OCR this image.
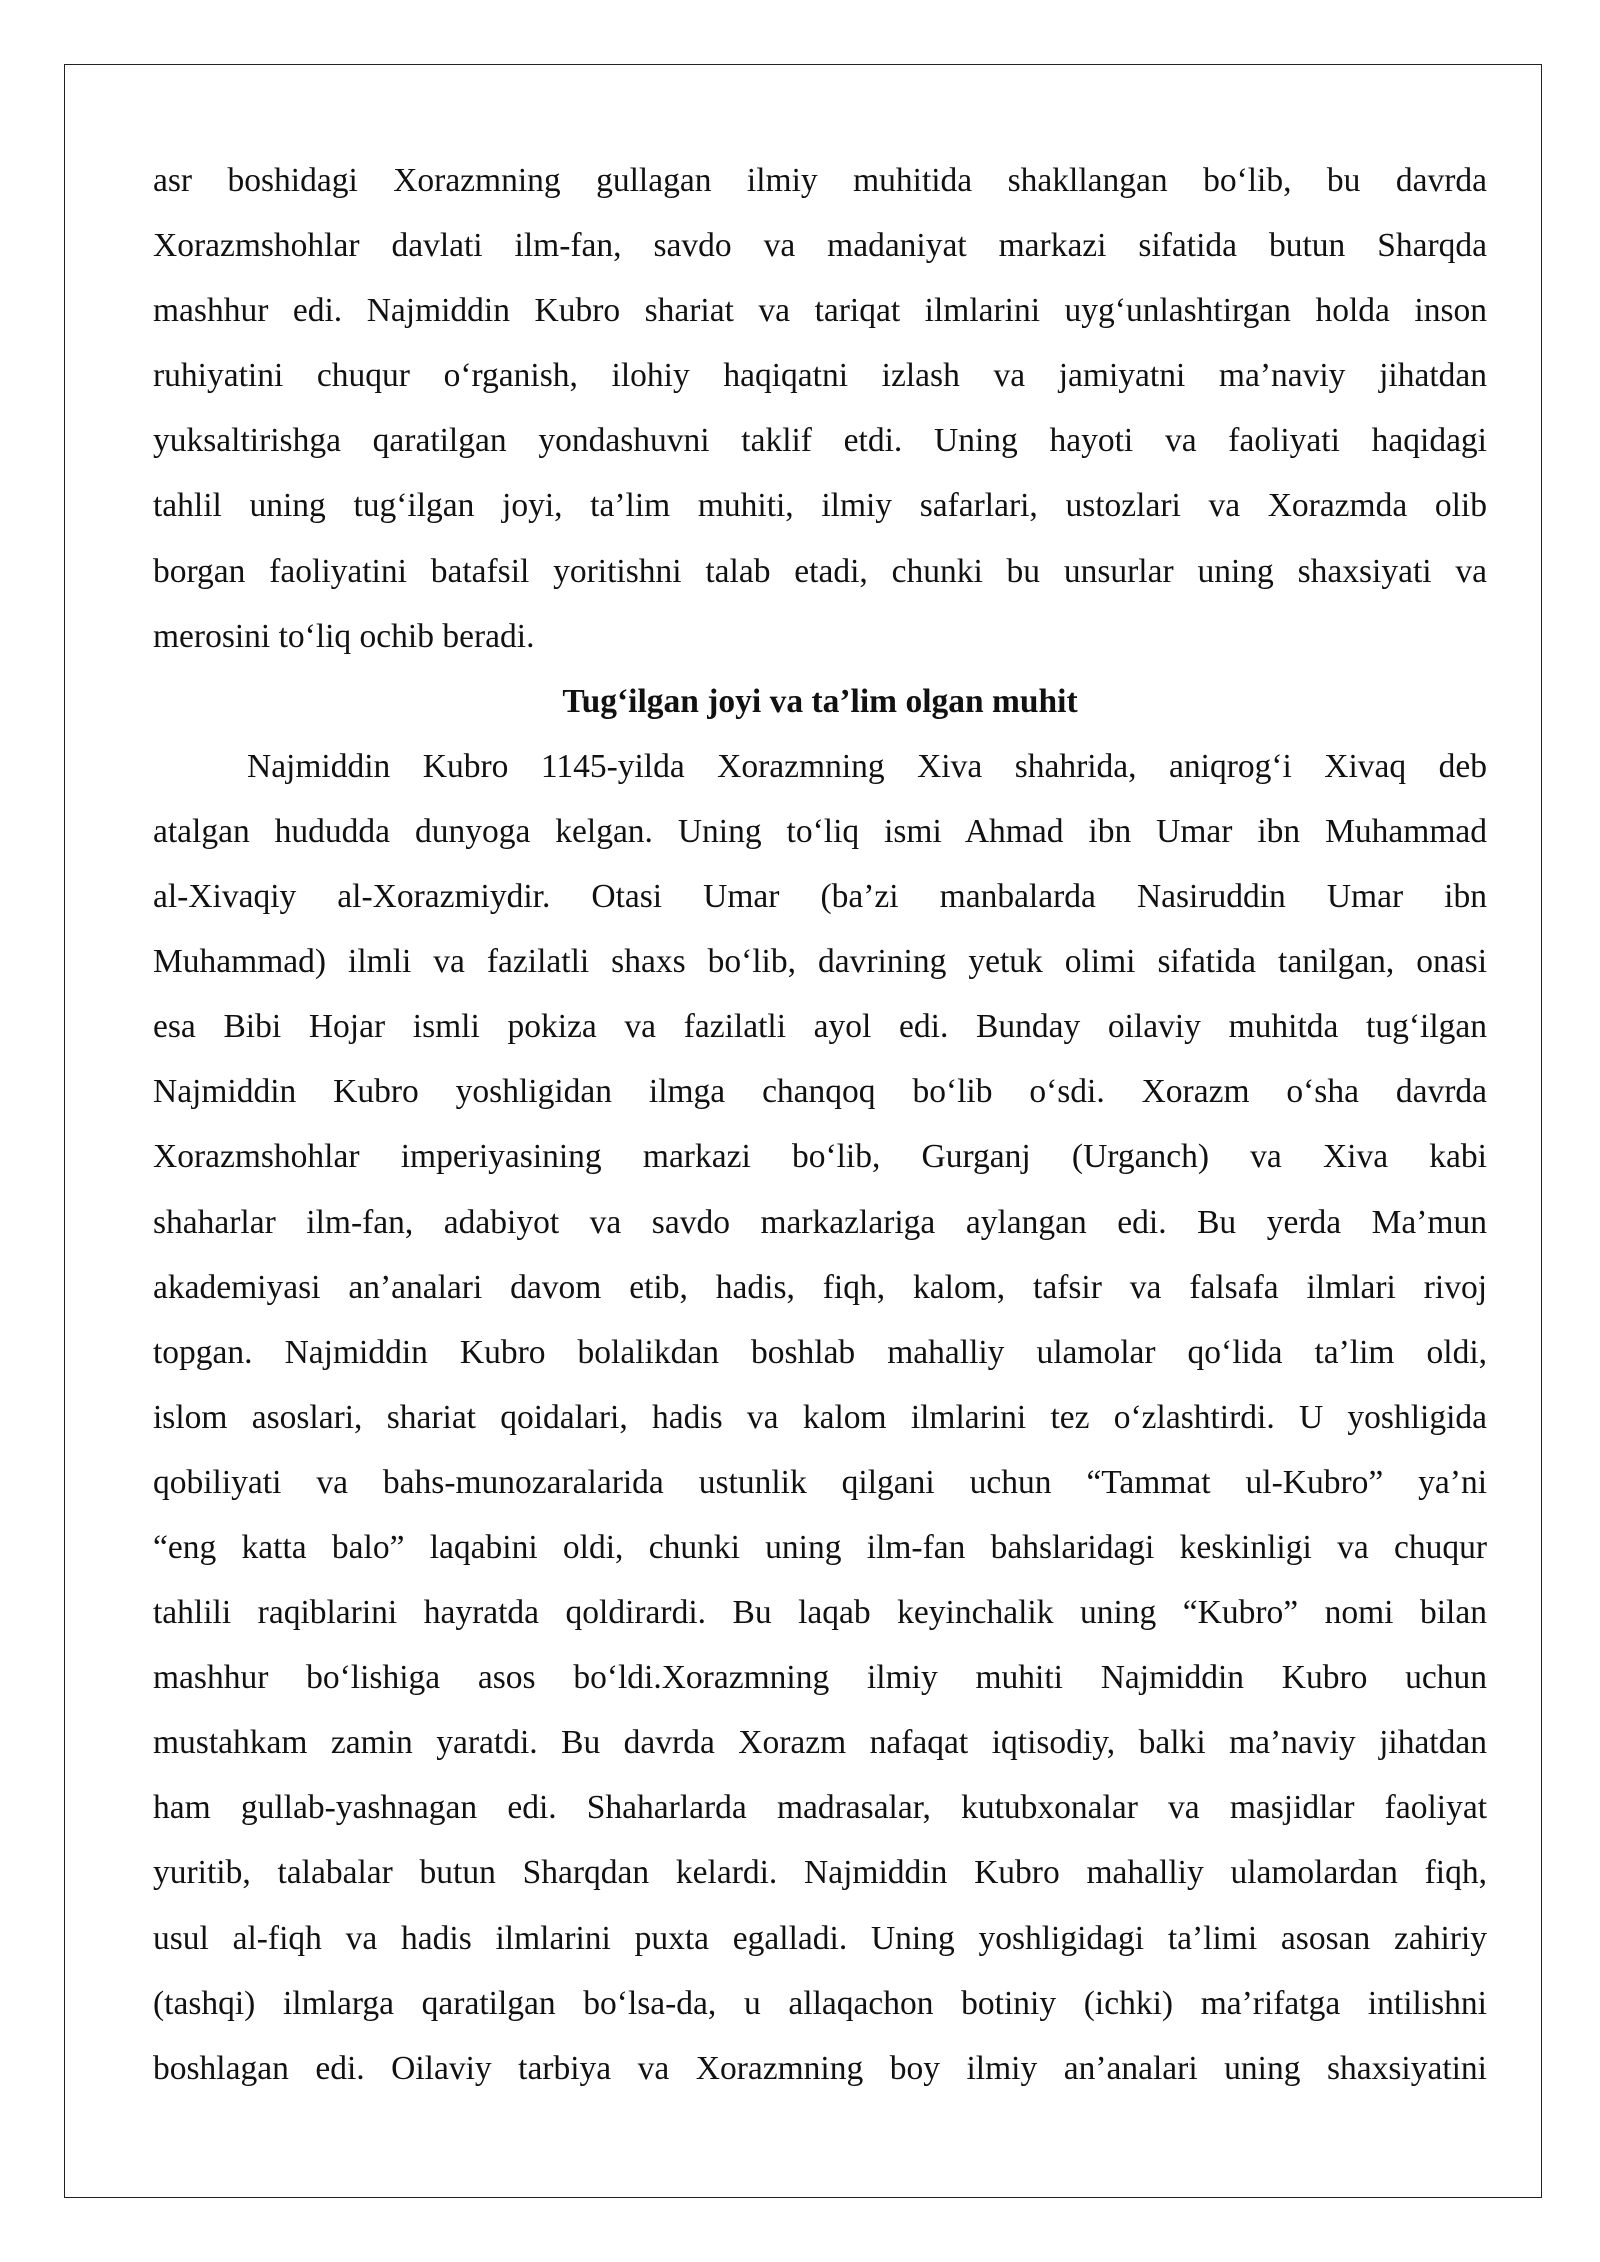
asr boshidagi Xorazmning gullagan ilmiy muhitida shakllangan bo‘lib, bu davrda
Xorazmshohlar davlati ilm-fan, savdo va madaniyat markazi sifatida butun Sharqda
mashhur edi. Najmiddin Kubro shariat va tariqat ilmlarini uyg‘unlashtirgan holda inson
ruhiyatini chuqur o‘rganish, ilohiy haqiqatni izlash va jamiyatni ma’naviy jihatdan
yuksaltirishga qaratilgan yondashuvni taklif etdi. Uning hayoti va faoliyati haqidagi
tahlil uning tug‘ilgan joyi, ta’lim muhiti, ilmiy safarlari, ustozlari va Xorazmda olib
borgan faoliyatini batafsil yoritishni talab etadi, chunki bu unsurlar uning shaxsiyati va
merosini to‘liq ochib beradi.
Tug‘ilgan joyi va ta’lim olgan muhit
Najmiddin Kubro 1145-yilda Xorazmning Xiva shahrida, aniqrog‘i Xivaq deb
atalgan hududda dunyoga kelgan. Uning to‘liq ismi Ahmad ibn Umar ibn Muhammad
al-Xivaqiy al-Xorazmiydir. Otasi Umar (ba’zi manbalarda Nasiruddin Umar ibn
Muhammad) ilmli va fazilatli shaxs bo‘lib, davrining yetuk olimi sifatida tanilgan, onasi
esa Bibi Hojar ismli pokiza va fazilatli ayol edi. Bunday oilaviy muhitda tug‘ilgan
Najmiddin Kubro yoshligidan ilmga chanqoq bo‘lib o‘sdi. Xorazm o‘sha davrda
Xorazmshohlar imperiyasining markazi bo‘lib, Gurganj (Urganch) va Xiva kabi
shaharlar ilm-fan, adabiyot va savdo markazlariga aylangan edi. Bu yerda Ma’mun
akademiyasi an’analari davom etib, hadis, fiqh, kalom, tafsir va falsafa ilmlari rivoj
topgan. Najmiddin Kubro bolalikdan boshlab mahalliy ulamolar qo‘lida ta’lim oldi,
islom asoslari, shariat qoidalari, hadis va kalom ilmlarini tez o‘zlashtirdi. U yoshligida
qobiliyati va bahs-munozaralarida ustunlik qilgani uchun “Tammat ul-Kubro” ya’ni
“eng katta balo” laqabini oldi, chunki uning ilm-fan bahslaridagi keskinligi va chuqur
tahlili raqiblarini hayratda qoldirardi. Bu laqab keyinchalik uning “Kubro” nomi bilan
mashhur bo‘lishiga asos bo‘ldi.Xorazmning ilmiy muhiti Najmiddin Kubro uchun
mustahkam zamin yaratdi. Bu davrda Xorazm nafaqat iqtisodiy, balki ma’naviy jihatdan
ham gullab-yashnagan edi. Shaharlarda madrasalar, kutubxonalar va masjidlar faoliyat
yuritib, talabalar butun Sharqdan kelardi. Najmiddin Kubro mahalliy ulamolardan fiqh,
usul al-fiqh va hadis ilmlarini puxta egalladi. Uning yoshligidagi ta’limi asosan zahiriy
(tashqi) ilmlarga qaratilgan bo‘lsa-da, u allaqachon botiniy (ichki) ma’rifatga intilishni
boshlagan edi. Oilaviy tarbiya va Xorazmning boy ilmiy an’analari uning shaxsiyatini
